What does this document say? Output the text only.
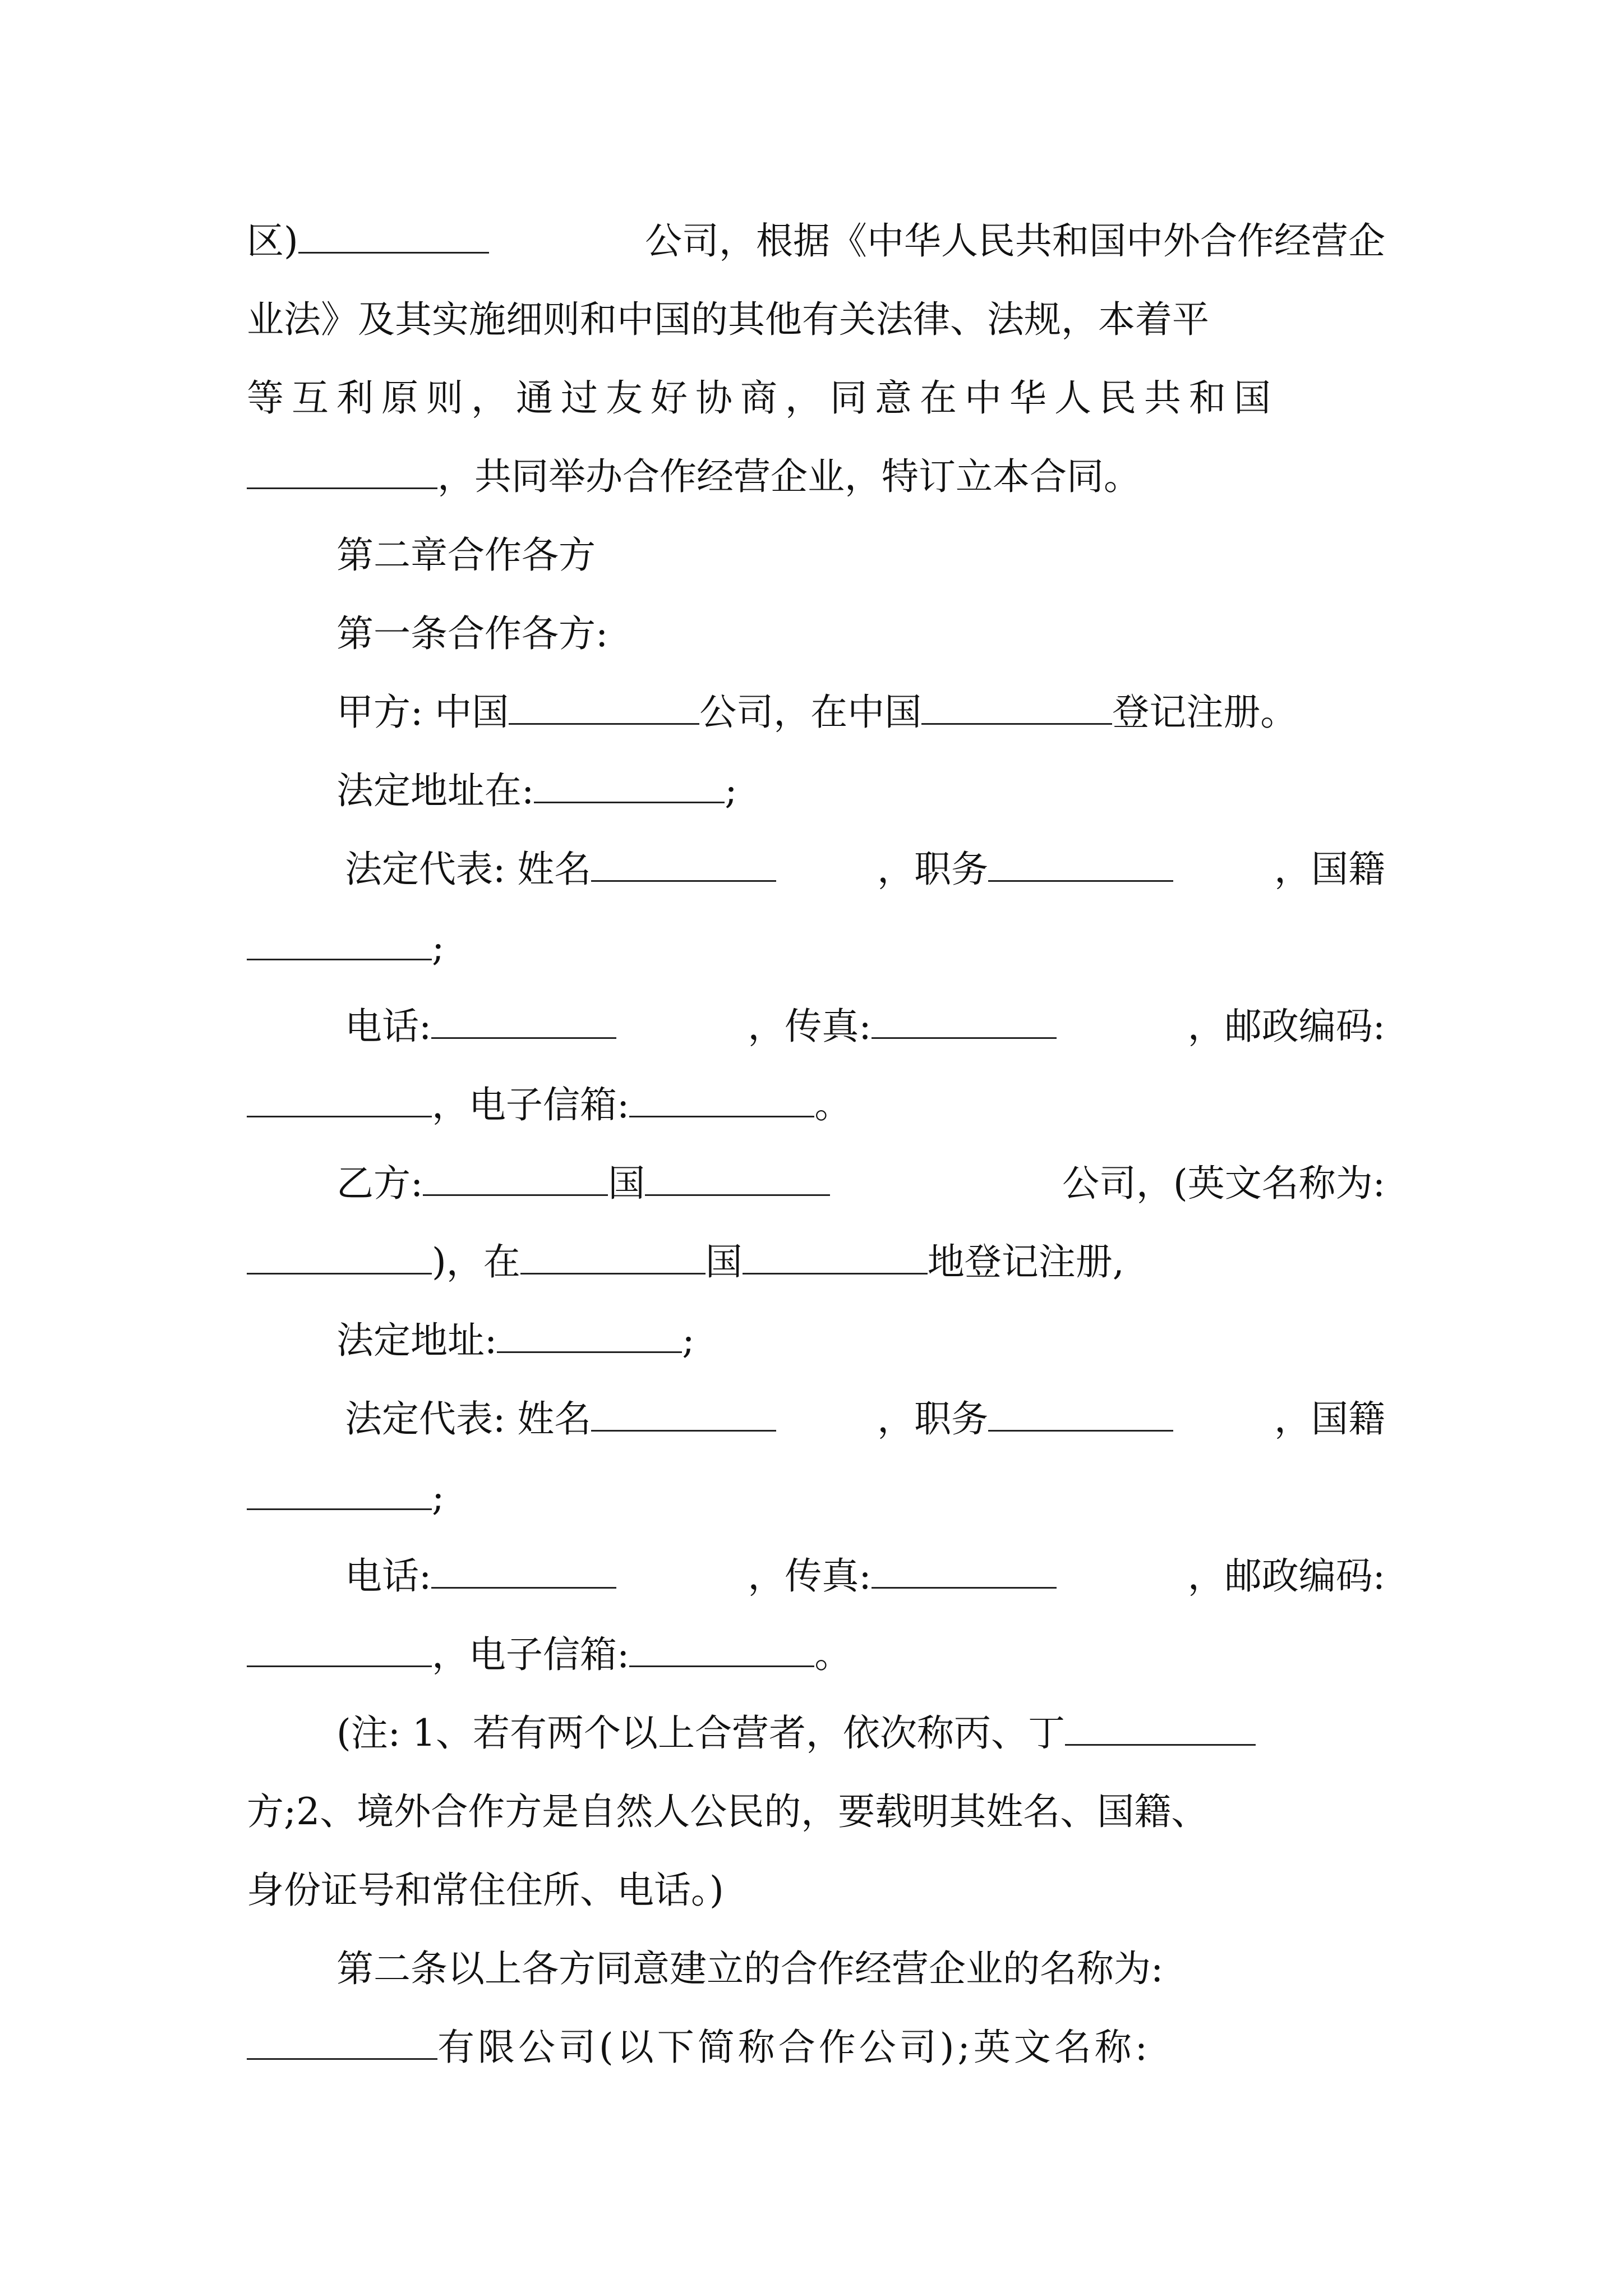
区)	公司，根据《中华人民共和国中外合作经营企
业法》及其实施细则和中国的其他有关法律、法规，本着平
等互利原则，通过友好协商，同意在中华人民共和国
，共同举办合作经营企业，特订立本合同。
第二章合作各方
第一条合作各方:
甲方: 中国	公司，在中国	登记注册。
法定地址在:	;
法定代表: 姓名	，职务	，国籍
;
电话:	，传真:	，邮政编码:
，电子信箱:	。
乙方:	国	公司，(英文名称为:
)，在	国	地登记注册,
法定地址:	;
法定代表: 姓名	，职务	，国籍
;
电话:	，传真:	，邮政编码:
，电子信箱:	。
(注: 1、若有两个以上合营者，依次称丙、丁
方;2、境外合作方是自然人公民的，要载明其姓名、国籍、
身份证号和常住住所、电话。)
第二条以上各方同意建立的合作经营企业的名称为:
有限公司(以下简称合作公司);英文名称:
